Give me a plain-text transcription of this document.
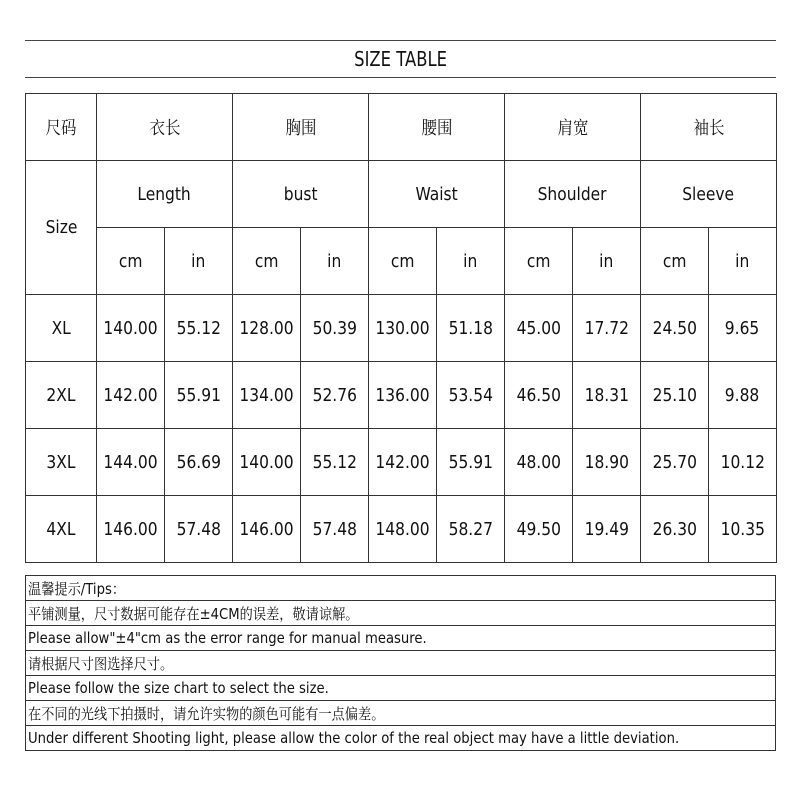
SIZE TABLE
尺码	衣长		胸围		腰围		肩宽		袖长	
Size	Length		bust		Waist		Shoulder		Sleeve	
	cm	in	cm	in	cm	in	cm	in	cm	in
XL	140.00	55.12	128.00	50.39	130.00	51.18	45.00	17.72	24.50	9.65
2XL	142.00	55.91	134.00	52.76	136.00	53.54	46.50	18.31	25.10	9.88
3XL	144.00	56.69	140.00	55.12	142.00	55.91	48.00	18.90	25.70	10.12
4XL	146.00	57.48	146.00	57.48	148.00	58.27	49.50	19.49	26.30	10.35
温馨提示/Tips：
平铺测量，尺寸数据可能存在±4CM的误差，敬请谅解。
Please allow"±4"cm as the error range for manual measure.
请根据尺寸图选择尺寸。
Please follow the size chart to select the size.
在不同的光线下拍摄时，请允许实物的颜色可能有一点偏差。
Under different Shooting light, please allow the color of the real object may have a little deviation.
